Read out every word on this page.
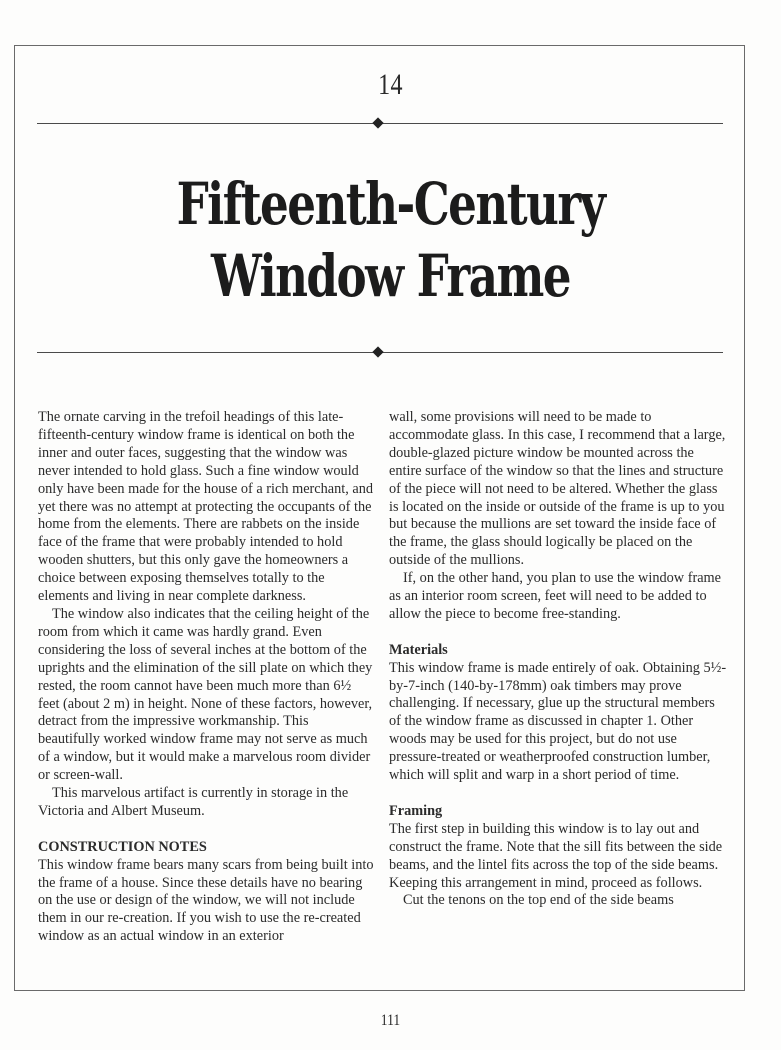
14
Fifteenth-Century
Window Frame

The ornate carving in the trefoil headings of this late-fifteenth-century window frame is identical on both the inner and outer faces, suggesting that the window was never intended to hold glass. Such a fine window would only have been made for the house of a rich merchant, and yet there was no attempt at protecting the occupants of the home from the elements. There are rabbets on the inside face of the frame that were probably intended to hold wooden shutters, but this only gave the homeowners a choice between exposing themselves totally to the elements and living in near complete darkness.

The window also indicates that the ceiling height of the room from which it came was hardly grand. Even considering the loss of several inches at the bottom of the uprights and the elimination of the sill plate on which they rested, the room cannot have been much more than 6½ feet (about 2 m) in height. None of these factors, however, detract from the impressive workmanship. This beautifully worked window frame may not serve as much of a window, but it would make a marvelous room divider or screen-wall.

This marvelous artifact is currently in storage in the Victoria and Albert Museum.

CONSTRUCTION NOTES

This window frame bears many scars from being built into the frame of a house. Since these details have no bearing on the use or design of the window, we will not include them in our re-creation. If you wish to use the re-created window as an actual window in an exterior

wall, some provisions will need to be made to accommodate glass. In this case, I recommend that a large, double-glazed picture window be mounted across the entire surface of the window so that the lines and structure of the piece will not need to be altered. Whether the glass is located on the inside or outside of the frame is up to you but because the mullions are set toward the inside face of the frame, the glass should logically be placed on the outside of the mullions.

If, on the other hand, you plan to use the window frame as an interior room screen, feet will need to be added to allow the piece to become free-standing.

Materials

This window frame is made entirely of oak. Obtaining 5½-by-7-inch (140-by-178mm) oak timbers may prove challenging. If necessary, glue up the structural members of the window frame as discussed in chapter 1. Other woods may be used for this project, but do not use pressure-treated or weatherproofed construction lumber, which will split and warp in a short period of time.

Framing

The first step in building this window is to lay out and construct the frame. Note that the sill fits between the side beams, and the lintel fits across the top of the side beams. Keeping this arrangement in mind, proceed as follows.

Cut the tenons on the top end of the side beams

111
